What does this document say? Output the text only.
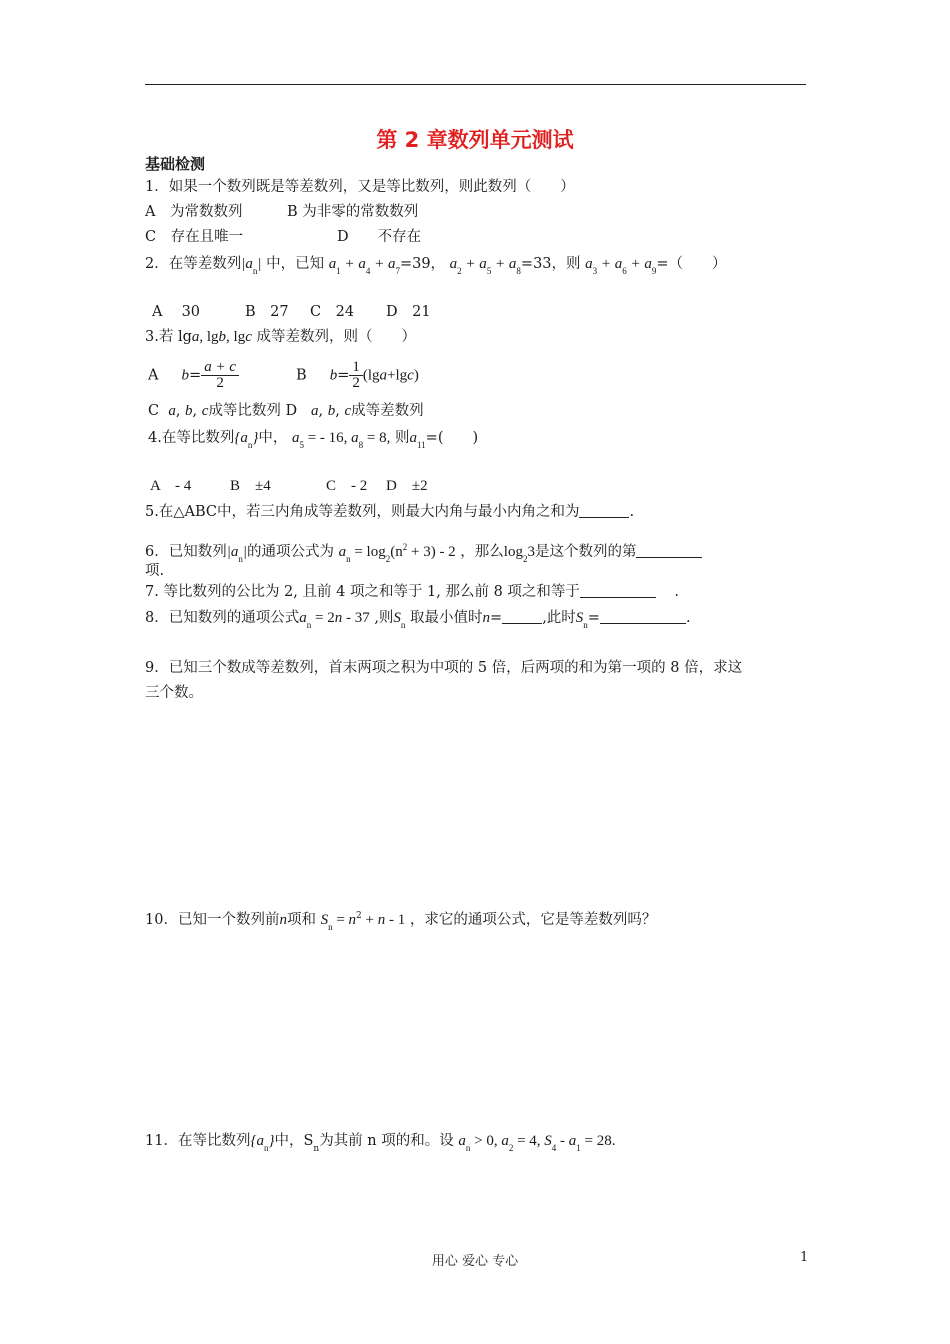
第 2 章数列单元测试
基础检测
1．如果一个数列既是等差数列，又是等比数列，则此数列（　　）
A　为常数数列	B 为非零的常数数列
C　存在且唯一	D　　不存在
2．在等差数列$|a_n|$ 中，已知 $a_1 + a_4 + a_7=39$， $a_2 + a_5 + a_8=33$，则 $a_3 + a_6 + a_9=$（　　）
A　 30	B　27 C　24 D　21
3.若 lga, lgb, lgc 成等差数列，则（　　）
A $b= \frac{a + c}{2}$	B $b= \frac{1}{2} (\lg a+\lg c)$
C a, b, c成等比数列 D a, b, c成等差数列
4.在等比数列$\{a_n\}$中， $a_5$ = - 16, $a_8 = 8$, 则$a_{11}=$(　　)
A　- 4	B　±4	C　- 2 D　±2
5.在△ABC中，若三内角成等差数列，则最大内角与最小内角之和为	.
6．已知数列$|a_n|$的通项公式为 $a_n = \log_2(n^2 + 3) - 2$ ，那么$\log_23$是这个数列的第
项.
7. 等比数列的公比为 2, 且前 4 项之和等于 1, 那么前 8 项之和等于	.
8．已知数列的通项公式$a_n = 2n - 37$ ,则$S_n$ 取最小值时n=	,此时$S_n=$	.
9．已知三个数成等差数列，首末两项之积为中项的 5 倍，后两项的和为第一项的 8 倍，求这
三个数。
10．已知一个数列前n项和 $S_n = n^2 + n - 1$ ，求它的通项公式，它是等差数列吗？
11．在等比数列$\{a_n\}$中，$S_n$为其前 n 项的和。设 $a_n > 0$, $a_2 = 4$, $S_4 - a_1 = 28$.
用心 爱心 专心	1
